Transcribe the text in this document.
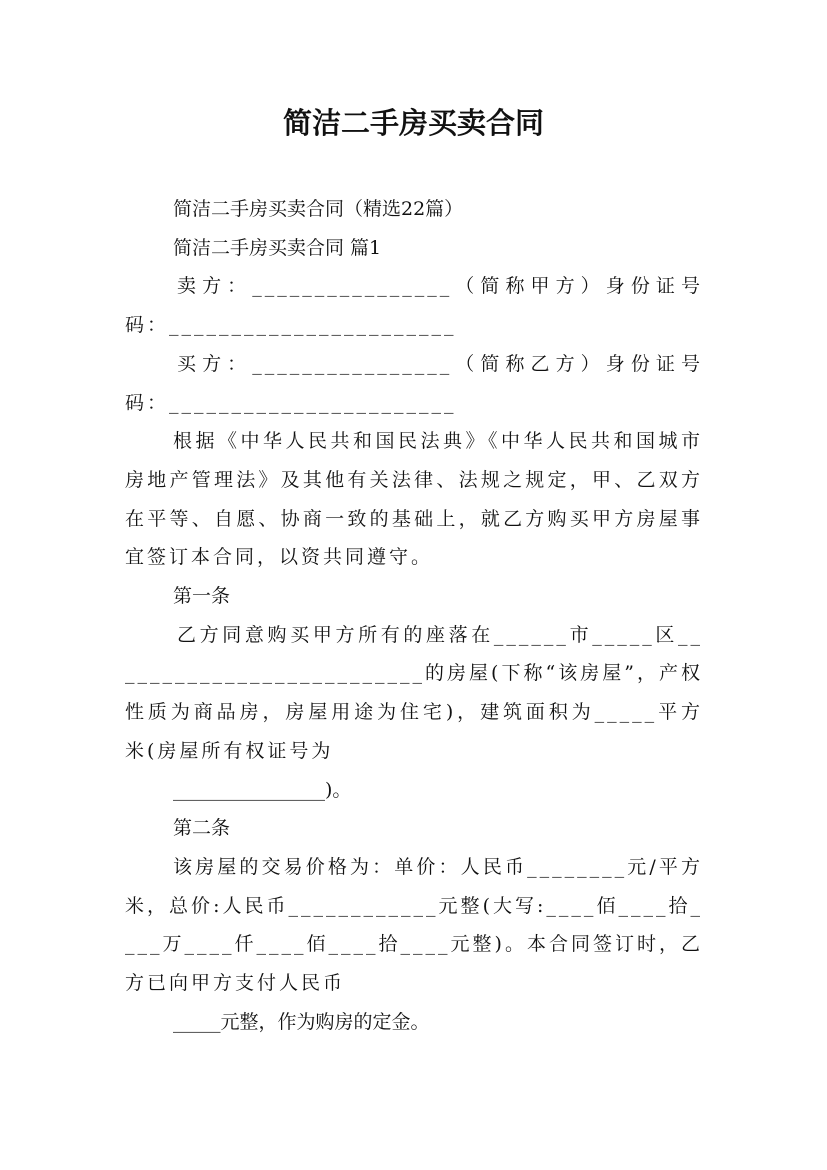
简洁二手房买卖合同

简洁二手房买卖合同（精选22篇）

简洁二手房买卖合同 篇1

卖方：________________（简称甲方）身份证号码：_______________________

买方：________________（简称乙方）身份证号码：_______________________

根据《中华人民共和国民法典》《中华人民共和国城市房地产管理法》及其他有关法律、法规之规定，甲、乙双方在平等、自愿、协商一致的基础上，就乙方购买甲方房屋事宜签订本合同，以资共同遵守。

第一条

乙方同意购买甲方所有的座落在______市_____区__________________________的房屋(下称“该房屋”，产权性质为商品房，房屋用途为住宅)，建筑面积为_____平方米(房屋所有权证号为

________________)。

第二条

该房屋的交易价格为：单价：人民币________元/平方米，总价:人民币____________元整(大写:____佰____拾____万____仟____佰____拾____元整)。本合同签订时，乙方已向甲方支付人民币

_____元整，作为购房的定金。
